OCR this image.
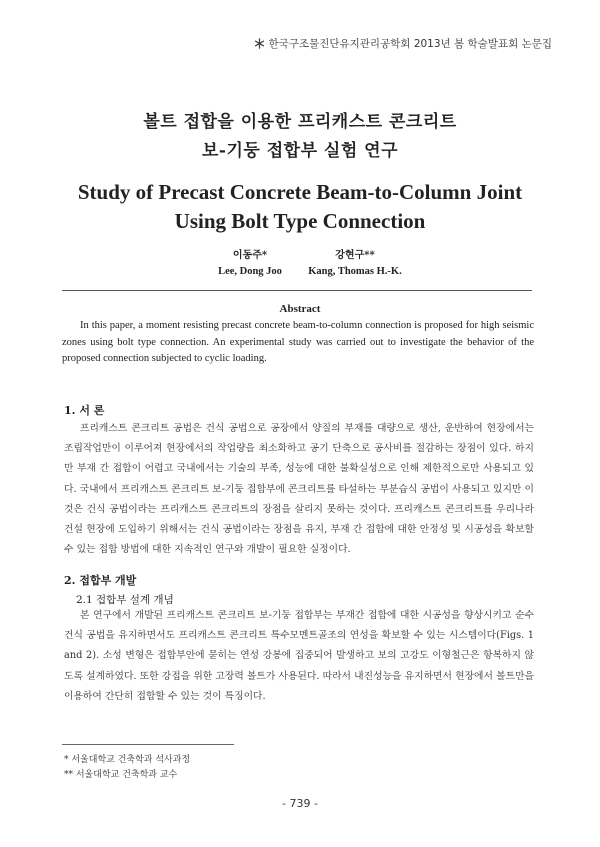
한국구조물진단유지관리공학회 2013년 봄 학술발표회 논문집
볼트 접합을 이용한 프리캐스트 콘크리트
보-기둥 접합부 실험 연구
Study of Precast Concrete Beam-to-Column Joint
Using Bolt Type Connection
이동주*
Lee, Dong Joo
강현구**
Kang, Thomas H.-K.
Abstract
In this paper, a moment resisting precast concrete beam-to-column connection is proposed for high seismic zones using bolt type connection. An experimental study was carried out to investigate the behavior of the proposed connection subjected to cyclic loading.
1. 서 론
프리캐스트 콘크리트 공법은 건식 공법으로 공장에서 양질의 부재를 대량으로 생산, 운반하여 현장에서는 조립작업만이 이루어져 현장에서의 작업량을 최소화하고 공기 단축으로 공사비를 절감하는 장점이 있다. 하지만 부재 간 접합이 어렵고 국내에서는 기술의 부족, 성능에 대한 불확실성으로 인해 제한적으로만 사용되고 있다. 국내에서 프리캐스트 콘크리트 보-기둥 접합부에 콘크리트를 타설하는 부분습식 공법이 사용되고 있지만 이것은 건식 공법이라는 프리캐스트 콘크리트의 장점을 살리지 못하는 것이다. 프리캐스트 콘크리트를 우리나라 건설 현장에 도입하기 위해서는 건식 공법이라는 장점을 유지, 부재 간 접합에 대한 안정성 및 시공성을 확보할 수 있는 접합 방법에 대한 지속적인 연구와 개발이 필요한 실정이다.
2. 접합부 개발
2.1 접합부 설계 개념
본 연구에서 개발된 프리캐스트 콘크리트 보-기둥 접합부는 부재간 접합에 대한 시공성을 향상시키고 순수 건식 공법을 유지하면서도 프리캐스트 콘크리트 특수모멘트골조의 연성을 확보할 수 있는 시스템이다(Figs. 1 and 2). 소성 변형은 접합부안에 묻히는 연성 강봉에 집중되어 발생하고 보의 고강도 이형철근은 항복하지 않도록 설계하였다. 또한 강접을 위한 고장력 볼트가 사용된다. 따라서 내진성능을 유지하면서 현장에서 볼트만을 이용하여 간단히 접합할 수 있는 것이 특징이다.
* 서울대학교 건축학과 석사과정
** 서울대학교 건축학과 교수
- 739 -
